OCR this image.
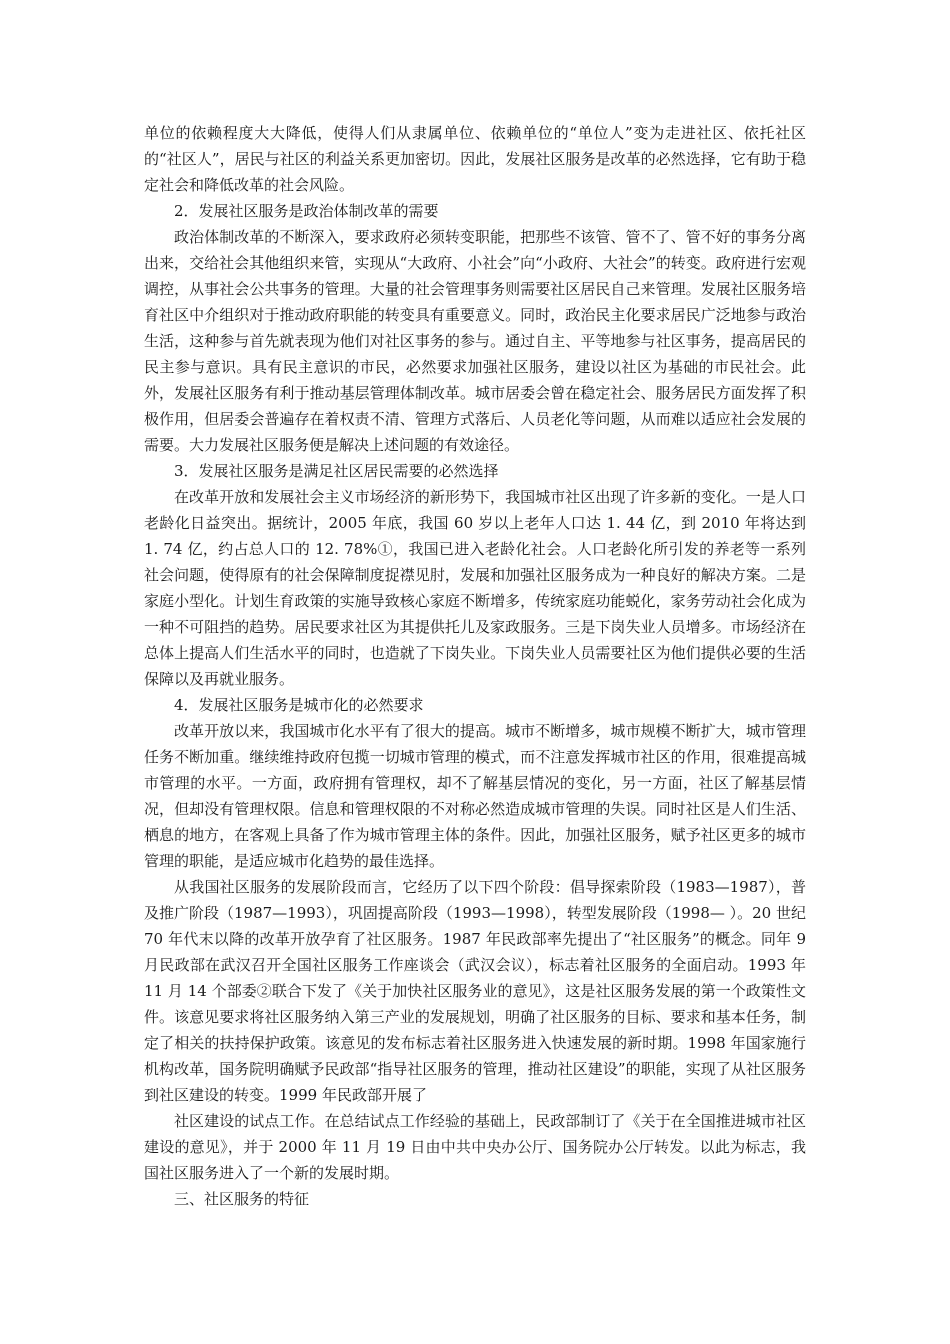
单位的依赖程度大大降低，使得人们从隶属单位、依赖单位的“单位人”变为走进社区、依托社区的“社区人”，居民与社区的利益关系更加密切。因此，发展社区服务是改革的必然选择，它有助于稳定社会和降低改革的社会风险。

2．发展社区服务是政治体制改革的需要

政治体制改革的不断深入，要求政府必须转变职能，把那些不该管、管不了、管不好的事务分离出来，交给社会其他组织来管，实现从“大政府、小社会”向“小政府、大社会”的转变。政府进行宏观调控，从事社会公共事务的管理。大量的社会管理事务则需要社区居民自己来管理。发展社区服务培育社区中介组织对于推动政府职能的转变具有重要意义。同时，政治民主化要求居民广泛地参与政治生活，这种参与首先就表现为他们对社区事务的参与。通过自主、平等地参与社区事务，提高居民的民主参与意识。具有民主意识的市民，必然要求加强社区服务，建设以社区为基础的市民社会。此外，发展社区服务有利于推动基层管理体制改革。城市居委会曾在稳定社会、服务居民方面发挥了积极作用，但居委会普遍存在着权责不清、管理方式落后、人员老化等问题，从而难以适应社会发展的需要。大力发展社区服务便是解决上述问题的有效途径。

3．发展社区服务是满足社区居民需要的必然选择

在改革开放和发展社会主义市场经济的新形势下，我国城市社区出现了许多新的变化。一是人口老龄化日益突出。据统计，2005 年底，我国 60 岁以上老年人口达 1. 44 亿，到 2010 年将达到 1. 74 亿，约占总人口的 12. 78%①，我国已进入老龄化社会。人口老龄化所引发的养老等一系列社会问题，使得原有的社会保障制度捉襟见肘，发展和加强社区服务成为一种良好的解决方案。二是家庭小型化。计划生育政策的实施导致核心家庭不断增多，传统家庭功能蜕化，家务劳动社会化成为一种不可阻挡的趋势。居民要求社区为其提供托儿及家政服务。三是下岗失业人员增多。市场经济在总体上提高人们生活水平的同时，也造就了下岗失业。下岗失业人员需要社区为他们提供必要的生活保障以及再就业服务。

4．发展社区服务是城市化的必然要求

改革开放以来，我国城市化水平有了很大的提高。城市不断增多，城市规模不断扩大，城市管理任务不断加重。继续维持政府包揽一切城市管理的模式，而不注意发挥城市社区的作用，很难提高城市管理的水平。一方面，政府拥有管理权，却不了解基层情况的变化，另一方面，社区了解基层情况，但却没有管理权限。信息和管理权限的不对称必然造成城市管理的失误。同时社区是人们生活、栖息的地方，在客观上具备了作为城市管理主体的条件。因此，加强社区服务，赋予社区更多的城市管理的职能，是适应城市化趋势的最佳选择。

从我国社区服务的发展阶段而言，它经历了以下四个阶段：倡导探索阶段（1983—1987），普及推广阶段（1987—1993），巩固提高阶段（1993—1998），转型发展阶段（1998— ）。20 世纪 70 年代末以降的改革开放孕育了社区服务。1987 年民政部率先提出了“社区服务”的概念。同年 9 月民政部在武汉召开全国社区服务工作座谈会（武汉会议），标志着社区服务的全面启动。1993 年 11 月 14 个部委②联合下发了《关于加快社区服务业的意见》，这是社区服务发展的第一个政策性文件。该意见要求将社区服务纳入第三产业的发展规划，明确了社区服务的目标、要求和基本任务，制定了相关的扶持保护政策。该意见的发布标志着社区服务进入快速发展的新时期。1998 年国家施行机构改革，国务院明确赋予民政部“指导社区服务的管理，推动社区建设”的职能，实现了从社区服务到社区建设的转变。1999 年民政部开展了

社区建设的试点工作。在总结试点工作经验的基础上，民政部制订了《关于在全国推进城市社区建设的意见》，并于 2000 年 11 月 19 日由中共中央办公厅、国务院办公厅转发。以此为标志，我国社区服务进入了一个新的发展时期。

三、社区服务的特征
